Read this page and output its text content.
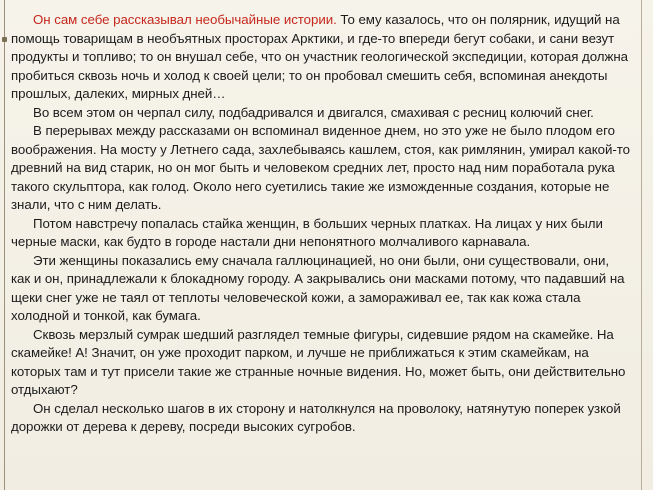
Он сам себе рассказывал необычайные истории. То ему казалось, что он полярник, идущий на помощь товарищам в необъятных просторах Арктики, и где-то впереди бегут собаки, и сани везут продукты и топливо; то он внушал себе, что он участник геологической экспедиции, которая должна пробиться сквозь ночь и холод к своей цели; то он пробовал смешить себя, вспоминая анекдоты прошлых, далеких, мирных дней…

Во всем этом он черпал силу, подбадривался и двигался, смахивая с ресниц колючий снег.

В перерывах между рассказами он вспоминал виденное днем, но это уже не было плодом его воображения. На мосту у Летнего сада, захлебываясь кашлем, стоя, как римлянин, умирал какой-то древний на вид старик, но он мог быть и человеком средних лет, просто над ним поработала рука такого скульптора, как голод. Около него суетились такие же изможденные создания, которые не знали, что с ним делать.

Потом навстречу попалась стайка женщин, в больших черных платках. На лицах у них были черные маски, как будто в городе настали дни непонятного молчаливого карнавала.

Эти женщины показались ему сначала галлюцинацией, но они были, они существовали, они, как и он, принадлежали к блокадному городу. А закрывались они масками потому, что падавший на щеки снег уже не таял от теплоты человеческой кожи, а замораживал ее, так как кожа стала холодной и тонкой, как бумага.

Сквозь мерзлый сумрак шедший разглядел темные фигуры, сидевшие рядом на скамейке. На скамейке! А! Значит, он уже проходит парком, и лучше не приближаться к этим скамейкам, на которых там и тут присели такие же странные ночные видения. Но, может быть, они действительно отдыхают?

Он сделал несколько шагов в их сторону и натолкнулся на проволоку, натянутую поперек узкой дорожки от дерева к дереву, посреди высоких сугробов.
